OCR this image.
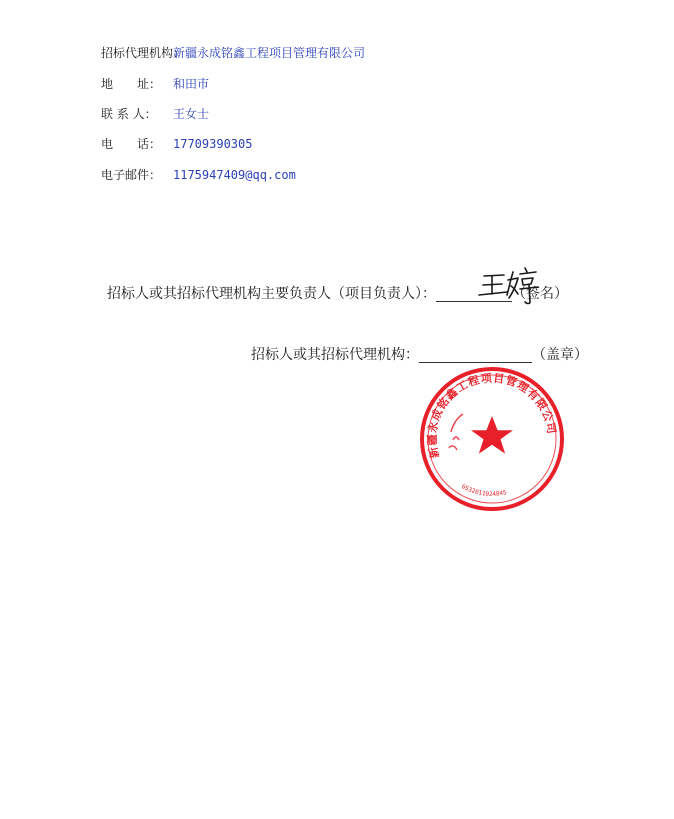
招标代理机构：新疆永成铭鑫工程项目管理有限公司
地　　址： 和田市
联 系 人： 王女士
电　　话： 17709390305
电子邮件： 1175947409@qq.com
招标人或其招标代理机构主要负责人（项目负责人）：	（签名）
招标人或其招标代理机构：	（盖章）
新疆永成铭鑫工程项目管理有限公司
6532011024845
